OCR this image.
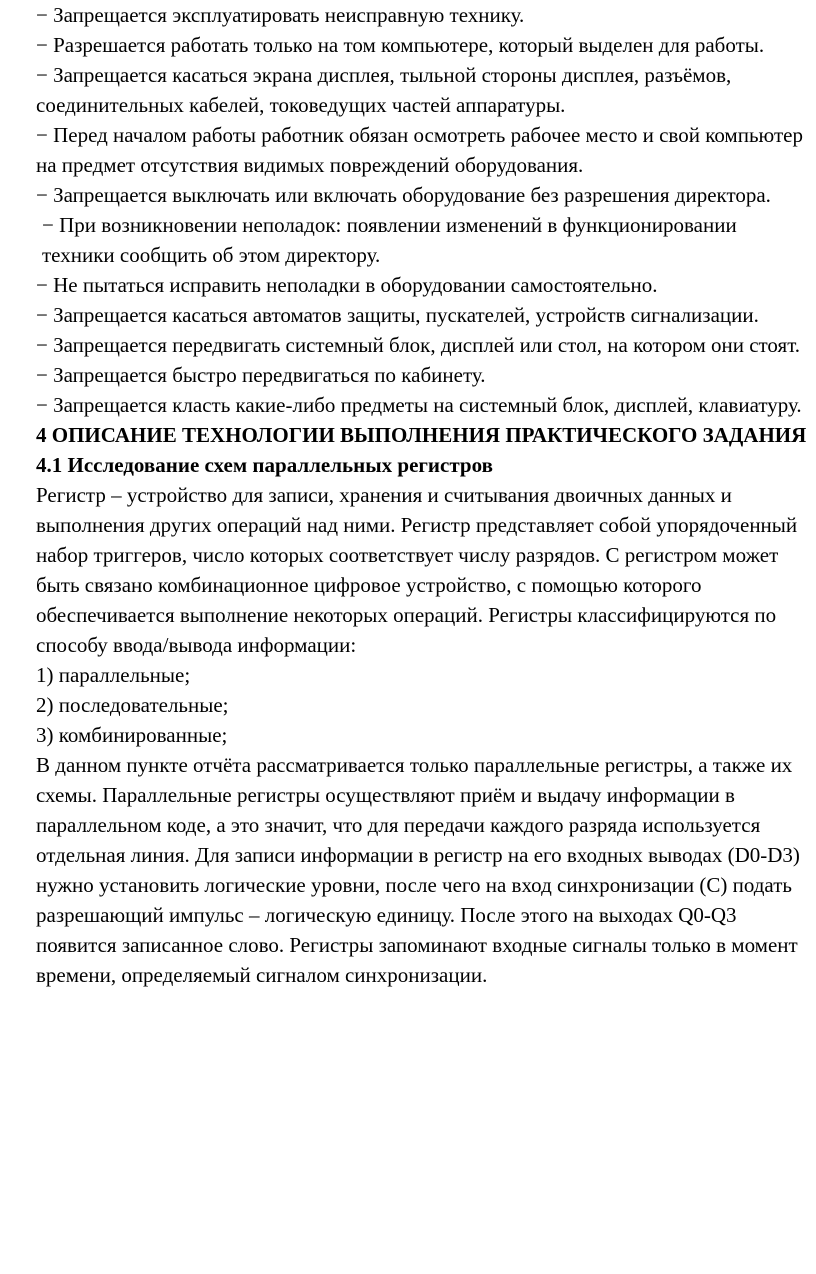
− Запрещается эксплуатировать неисправную технику.

− Разрешается работать только на том компьютере, который выделен для работы.

− Запрещается касаться экрана дисплея, тыльной стороны дисплея, разъёмов, соединительных кабелей, токоведущих частей аппаратуры.

− Перед началом работы работник обязан осмотреть рабочее место и свой компьютер на предмет отсутствия видимых повреждений оборудования.

− Запрещается выключать или включать оборудование без разрешения директора.

− При возникновении неполадок: появлении изменений в функционировании техники сообщить об этом директору.

− Не пытаться исправить неполадки в оборудовании самостоятельно.

− Запрещается касаться автоматов защиты, пускателей, устройств сигнализации.

− Запрещается передвигать системный блок, дисплей или стол, на котором они стоят.

− Запрещается быстро передвигаться по кабинету.

− Запрещается класть какие-либо предметы на системный блок, дисплей, клавиатуру.

4 ОПИСАНИЕ ТЕХНОЛОГИИ ВЫПОЛНЕНИЯ ПРАКТИЧЕСКОГО ЗАДАНИЯ
4.1 Исследование схем параллельных регистров

Регистр – устройство для записи, хранения и считывания двоичных данных и выполнения других операций над ними. Регистр представляет собой упорядоченный набор триггеров, число которых соответствует числу разрядов. С регистром может быть связано комбинационное цифровое устройство, с помощью которого обеспечивается выполнение некоторых операций. Регистры классифицируются по способу ввода/вывода информации:

1) параллельные;

2) последовательные;

3) комбинированные;

В данном пункте отчёта рассматривается только параллельные регистры, а также их схемы. Параллельные регистры осуществляют приём и выдачу информации в параллельном коде, а это значит, что для передачи каждого разряда используется отдельная линия. Для записи информации в регистр на его входных выводах (D0-D3) нужно установить логические уровни, после чего на вход синхронизации (C) подать разрешающий импульс – логическую единицу. После этого на выходах Q0-Q3 появится записанное слово. Регистры запоминают входные сигналы только в момент времени, определяемый сигналом синхронизации.
